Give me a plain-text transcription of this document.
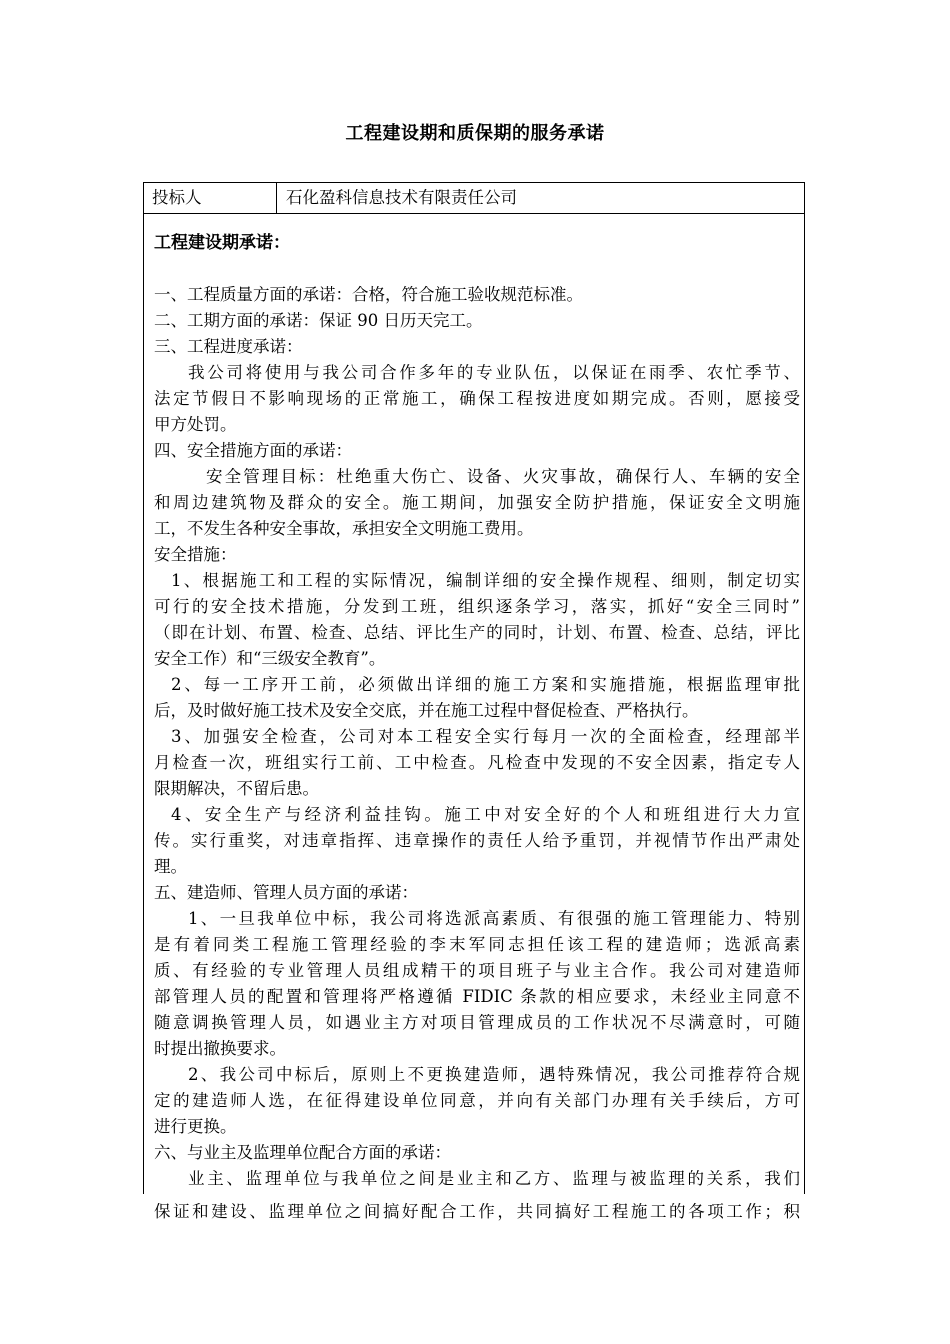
工程建设期和质保期的服务承诺
投标人	石化盈科信息技术有限责任公司
工程建设期承诺：
一、工程质量方面的承诺：合格，符合施工验收规范标准。
二、工期方面的承诺：保证 90 日历天完工。
三、工程进度承诺：
我公司将使用与我公司合作多年的专业队伍，以保证在雨季、农忙季节、
法定节假日不影响现场的正常施工，确保工程按进度如期完成。否则，愿接受
甲方处罚。
四、安全措施方面的承诺：
安全管理目标：杜绝重大伤亡、设备、火灾事故，确保行人、车辆的安全
和周边建筑物及群众的安全。施工期间，加强安全防护措施，保证安全文明施
工，不发生各种安全事故，承担安全文明施工费用。
安全措施：
1、根据施工和工程的实际情况，编制详细的安全操作规程、细则，制定切实
可行的安全技术措施，分发到工班，组织逐条学习，落实，抓好“安全三同时”
（即在计划、布置、检查、总结、评比生产的同时，计划、布置、检查、总结，评比
安全工作）和“三级安全教育”。
2、每一工序开工前，必须做出详细的施工方案和实施措施，根据监理审批
后，及时做好施工技术及安全交底，并在施工过程中督促检查、严格执行。
3、加强安全检查，公司对本工程安全实行每月一次的全面检查，经理部半
月检查一次，班组实行工前、工中检查。凡检查中发现的不安全因素，指定专人
限期解决，不留后患。
4、安全生产与经济利益挂钩。施工中对安全好的个人和班组进行大力宣
传。实行重奖，对违章指挥、违章操作的责任人给予重罚，并视情节作出严肃处
理。
五、建造师、管理人员方面的承诺：
1、一旦我单位中标，我公司将选派高素质、有很强的施工管理能力、特别
是有着同类工程施工管理经验的李末军同志担任该工程的建造师；选派高素
质、有经验的专业管理人员组成精干的项目班子与业主合作。我公司对建造师
部管理人员的配置和管理将严格遵循 FIDIC 条款的相应要求，未经业主同意不
随意调换管理人员，如遇业主方对项目管理成员的工作状况不尽满意时，可随
时提出撤换要求。
2、我公司中标后，原则上不更换建造师，遇特殊情况，我公司推荐符合规
定的建造师人选，在征得建设单位同意，并向有关部门办理有关手续后，方可
进行更换。
六、与业主及监理单位配合方面的承诺：
业主、监理单位与我单位之间是业主和乙方、监理与被监理的关系，我们
保证和建设、监理单位之间搞好配合工作，共同搞好工程施工的各项工作；积
